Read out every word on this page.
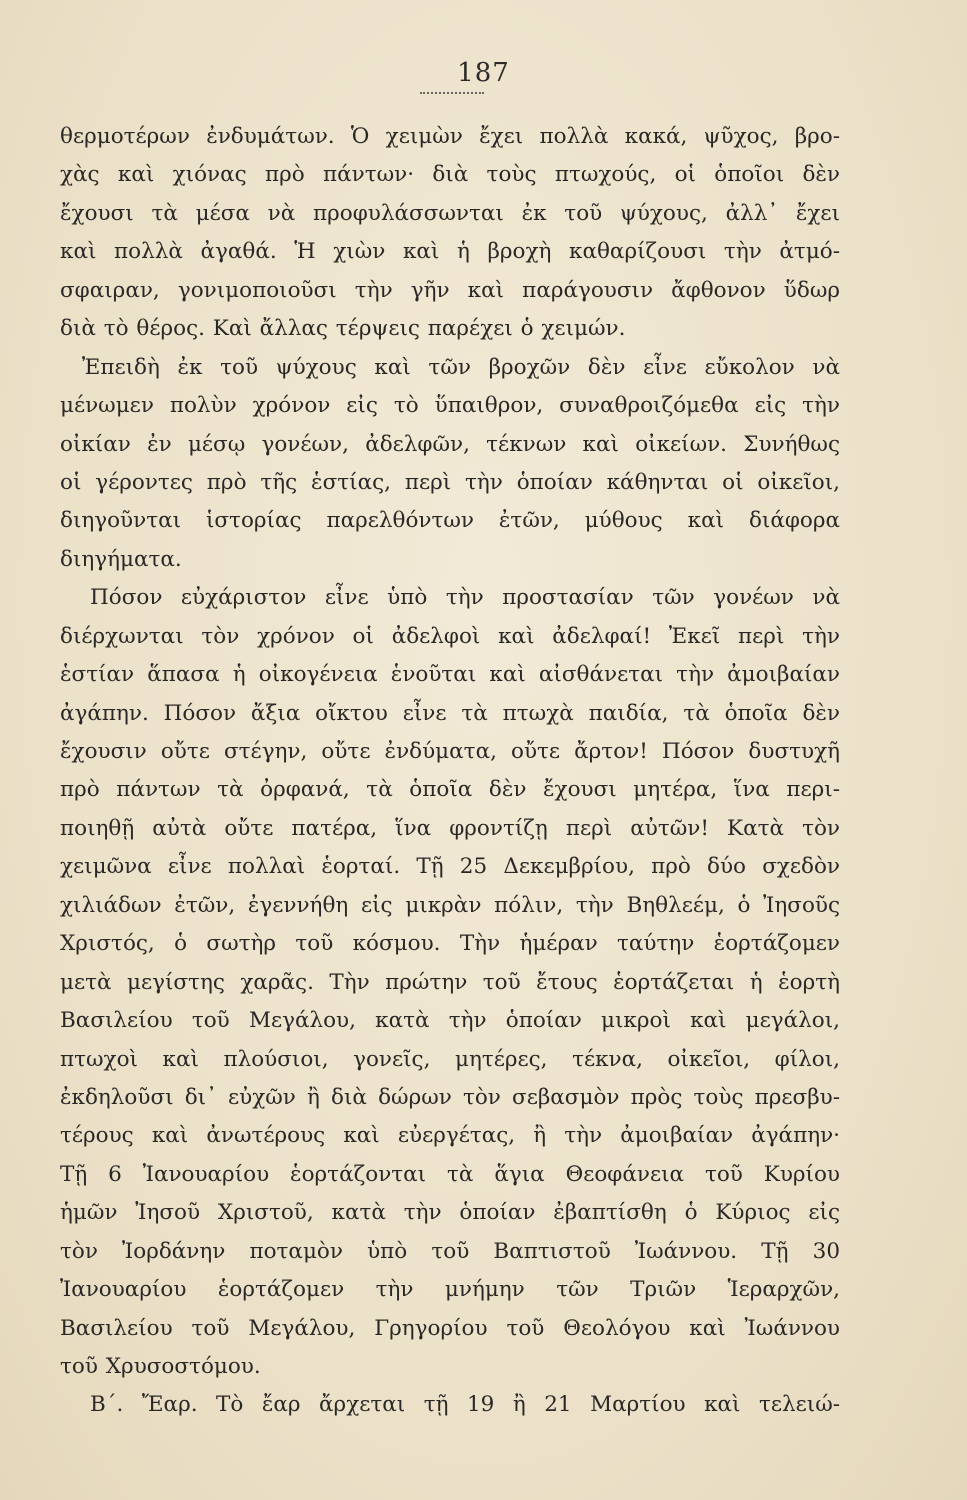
187
θερμοτέρων ἐνδυμάτων. Ὁ χειμὼν ἔχει πολλὰ κακά, ψῦχος, βρο-
χὰς καὶ χιόνας πρὸ πάντων· διὰ τοὺς πτωχούς, οἱ ὁποῖοι δὲν
ἔχουσι τὰ μέσα νὰ προφυλάσσωνται ἐκ τοῦ ψύχους, ἀλλ᾿ ἔχει
καὶ πολλὰ ἀγαθά. Ἡ χιὼν καὶ ἡ βροχὴ καθαρίζουσι τὴν ἀτμό-
σφαιραν, γονιμοποιοῦσι τὴν γῆν καὶ παράγουσιν ἄφθονον ὕδωρ
διὰ τὸ θέρος. Καὶ ἄλλας τέρψεις παρέχει ὁ χειμών.
Ἐπειδὴ ἐκ τοῦ ψύχους καὶ τῶν βροχῶν δὲν εἶνε εὔκολον νὰ
μένωμεν πολὺν χρόνον εἰς τὸ ὕπαιθρον, συναθροιζόμεθα εἰς τὴν
οἰκίαν ἐν μέσῳ γονέων, ἀδελφῶν, τέκνων καὶ οἰκείων. Συνήθως
οἱ γέροντες πρὸ τῆς ἑστίας, περὶ τὴν ὁποίαν κάθηνται οἱ οἰκεῖοι,
διηγοῦνται ἱστορίας παρελθόντων ἐτῶν, μύθους καὶ διάφορα
διηγήματα.
Πόσον εὐχάριστον εἶνε ὑπὸ τὴν προστασίαν τῶν γονέων νὰ
διέρχωνται τὸν χρόνον οἱ ἀδελφοὶ καὶ ἀδελφαί! Ἐκεῖ περὶ τὴν
ἑστίαν ἅπασα ἡ οἰκογένεια ἑνοῦται καὶ αἰσθάνεται τὴν ἀμοιβαίαν
ἀγάπην. Πόσον ἄξια οἴκτου εἶνε τὰ πτωχὰ παιδία, τὰ ὁποῖα δὲν
ἔχουσιν οὔτε στέγην, οὔτε ἐνδύματα, οὔτε ἄρτον! Πόσον δυστυχῆ
πρὸ πάντων τὰ ὀρφανά, τὰ ὁποῖα δὲν ἔχουσι μητέρα, ἵνα περι-
ποιηθῇ αὐτὰ οὔτε πατέρα, ἵνα φροντίζῃ περὶ αὐτῶν! Κατὰ τὸν
χειμῶνα εἶνε πολλαὶ ἑορταί. Τῇ 25 Δεκεμβρίου, πρὸ δύο σχεδὸν
χιλιάδων ἐτῶν, ἐγεννήθη εἰς μικρὰν πόλιν, τὴν Βηθλεέμ, ὁ Ἰησοῦς
Χριστός, ὁ σωτὴρ τοῦ κόσμου. Τὴν ἡμέραν ταύτην ἑορτάζομεν
μετὰ μεγίστης χαρᾶς. Τὴν πρώτην τοῦ ἔτους ἑορτάζεται ἡ ἑορτὴ
Βασιλείου τοῦ Μεγάλου, κατὰ τὴν ὁποίαν μικροὶ καὶ μεγάλοι,
πτωχοὶ καὶ πλούσιοι, γονεῖς, μητέρες, τέκνα, οἰκεῖοι, φίλοι,
ἐκδηλοῦσι δι᾿ εὐχῶν ἢ διὰ δώρων τὸν σεβασμὸν πρὸς τοὺς πρεσβυ-
τέρους καὶ ἀνωτέρους καὶ εὐεργέτας, ἢ τὴν ἀμοιβαίαν ἀγάπην·
Τῇ 6 Ἰανουαρίου ἑορτάζονται τὰ ἅγια Θεοφάνεια τοῦ Κυρίου
ἡμῶν Ἰησοῦ Χριστοῦ, κατὰ τὴν ὁποίαν ἐβαπτίσθη ὁ Κύριος εἰς
τὸν Ἰορδάνην ποταμὸν ὑπὸ τοῦ Βαπτιστοῦ Ἰωάννου. Τῇ 30
Ἰανουαρίου ἑορτάζομεν τὴν μνήμην τῶν Τριῶν Ἱεραρχῶν,
Βασιλείου τοῦ Μεγάλου, Γρηγορίου τοῦ Θεολόγου καὶ Ἰωάννου
τοῦ Χρυσοστόμου.
Β΄. Ἔαρ. Τὸ ἔαρ ἄρχεται τῇ 19 ἢ 21 Μαρτίου καὶ τελειώ-
